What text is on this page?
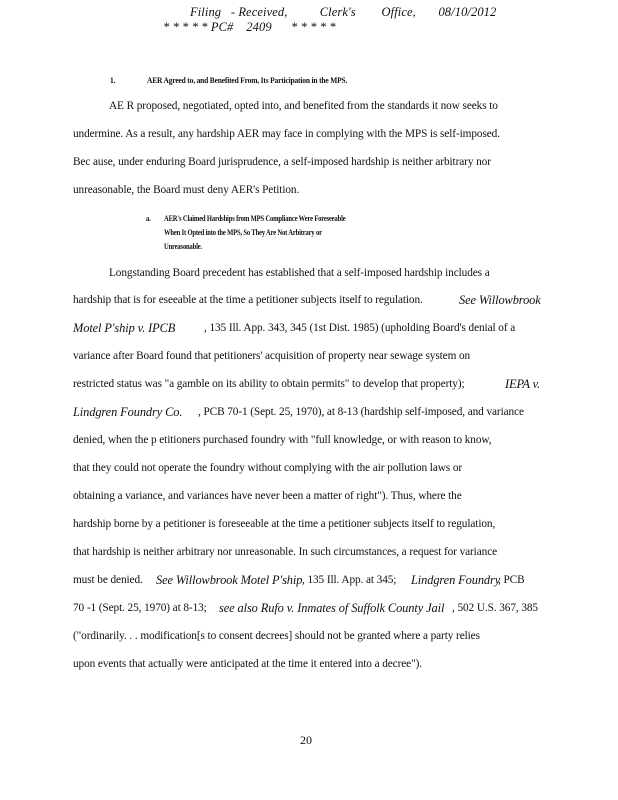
Filing   - Received,          Clerk's        Office,       08/10/2012
* * * * * PC#    2409      * * * * *
1.	AER Agreed to, and Benefited From, Its Participation in the MPS.
AE R proposed, negotiated, opted into, and benefited from the standards it now seeks to
undermine. As a result, any hardship AER may face in complying with the MPS is self-imposed.
Bec ause, under enduring Board jurisprudence, a self-imposed hardship is neither arbitrary nor
unreasonable, the Board must deny AER's Petition.
a. AER's Claimed Hardships from MPS Compliance Were Foreseeable
When It Opted into the MPS, So They Are Not Arbitrary or
Unreasonable.
Longstanding Board precedent has established that a self-imposed hardship includes a
hardship that is for eseeable at the time a petitioner subjects itself to regulation.	See Willowbrook
Motel P'ship v. IPCB	, 135 Ill. App. 343, 345 (1st Dist. 1985) (upholding Board's denial of a
variance after Board found that petitioners' acquisition of property near sewage system on
restricted status was "a gamble on its ability to obtain permits" to develop that property);	IEPA v.
Lindgren Foundry Co. , PCB 70-1 (Sept. 25, 1970), at 8-13 (hardship self-imposed, and variance
denied, when the p etitioners purchased foundry with "full knowledge, or with reason to know,
that they could not operate the foundry without complying with the air pollution laws or
obtaining a variance, and variances have never been a matter of right"). Thus, where the
hardship borne by a petitioner is foreseeable at the time a petitioner subjects itself to regulation,
that hardship is neither arbitrary nor unreasonable. In such circumstances, a request for variance
must be denied. See Willowbrook Motel P'ship , 135 Ill. App. at 345; Lindgren Foundry
, PCB
70 -1 (Sept. 25, 1970) at 8-13; see also Rufo v. Inmates of Suffolk County Jail , 502 U.S. 367, 385
("ordinarily. . . modification[s to consent decrees] should not be granted where a party relies
upon events that actually were anticipated at the time it entered into a decree").
20
